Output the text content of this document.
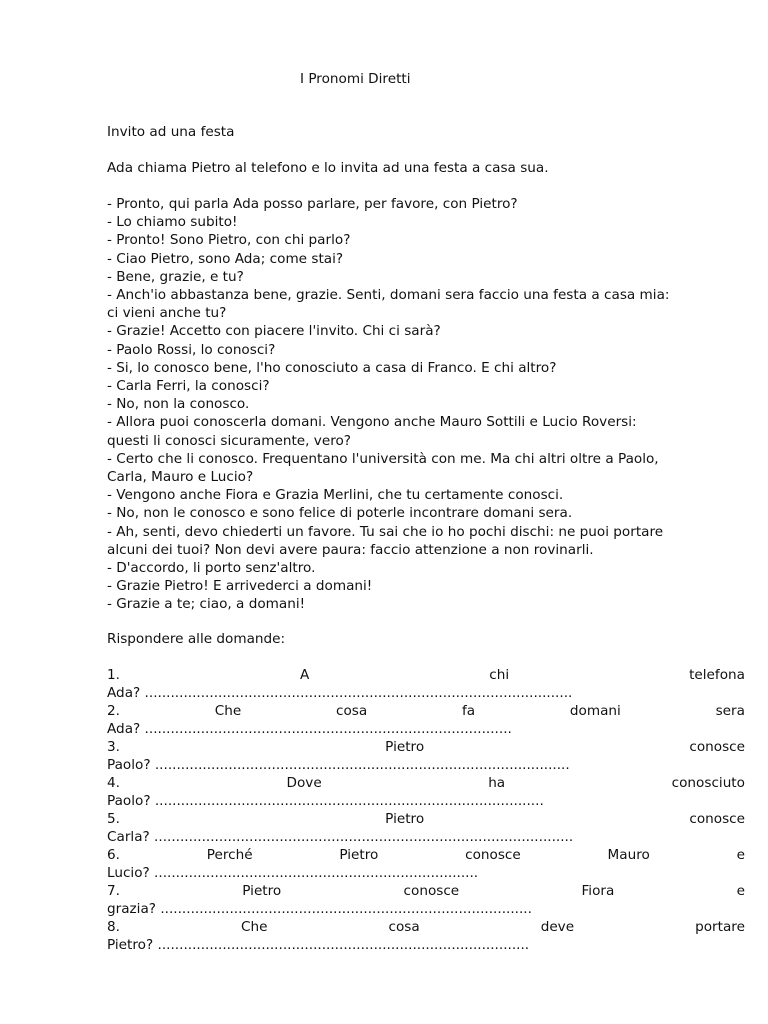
I Pronomi Diretti
Invito ad una festa
Ada chiama Pietro al telefono e lo invita ad una festa a casa sua.
- Pronto, qui parla Ada posso parlare, per favore, con Pietro?
- Lo chiamo subito!
- Pronto! Sono Pietro, con chi parlo?
- Ciao Pietro, sono Ada; come stai?
- Bene, grazie, e tu?
- Anch'io abbastanza bene, grazie. Senti, domani sera faccio una festa a casa mia:
ci vieni anche tu?
- Grazie! Accetto con piacere l'invito. Chi ci sarà?
- Paolo Rossi, lo conosci?
- Si, lo conosco bene, l'ho conosciuto a casa di Franco. E chi altro?
- Carla Ferri, la conosci?
- No, non la conosco.
- Allora puoi conoscerla domani. Vengono anche Mauro Sottili e Lucio Roversi:
questi li conosci sicuramente, vero?
- Certo che li conosco. Frequentano l'università con me. Ma chi altri oltre a Paolo,
Carla, Mauro e Lucio?
- Vengono anche Fiora e Grazia Merlini, che tu certamente conosci.
- No, non le conosco e sono felice di poterle incontrare domani sera.
- Ah, senti, devo chiederti un favore. Tu sai che io ho pochi dischi: ne puoi portare
alcuni dei tuoi? Non devi avere paura: faccio attenzione a non rovinarli.
- D'accordo, li porto senz'altro.
- Grazie Pietro! E arrivederci a domani!
- Grazie a te; ciao, a domani!
Rispondere alle domande:
1.	A	chi	telefona
Ada? ...................................................................................................
2.	Che	cosa	fa	domani	sera
Ada? .....................................................................................
3.	Pietro	conosce
Paolo? ................................................................................................
4.	Dove	ha	conosciuto
Paolo? ..........................................................................................
5.	Pietro	conosce
Carla? .................................................................................................
6.	Perché	Pietro	conosce	Mauro	e
Lucio? ...........................................................................
7.	Pietro	conosce	Fiora	e
grazia? ......................................................................................
8.	Che	cosa	deve	portare
Pietro? ......................................................................................
